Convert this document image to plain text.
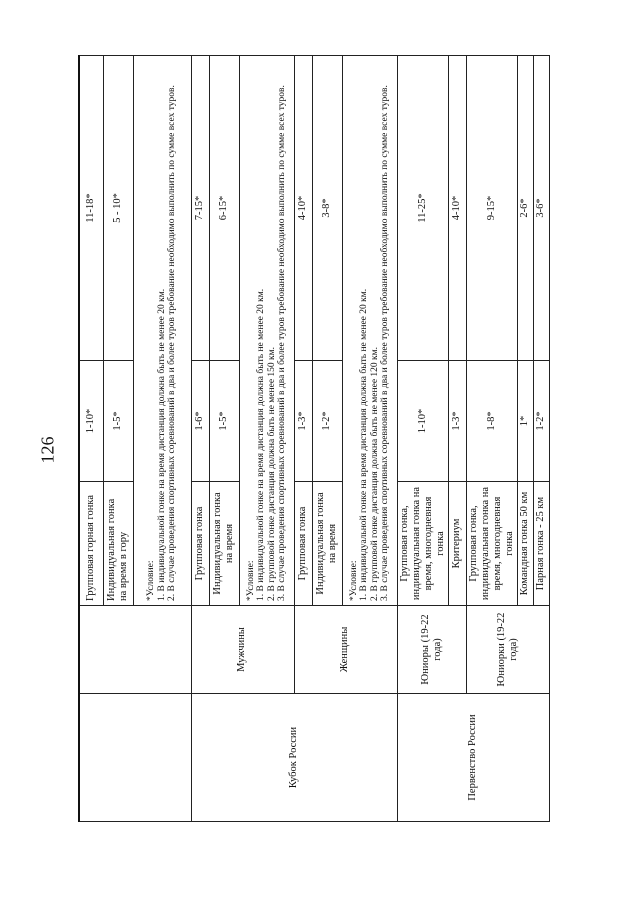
126
		Групповая горная гонка	1-10*	11-18*
		Индивидуальная гонка на время в гору	1-5*	5 - 10*

		*Условие: 1. В индивидуальной гонке на время дистанция должна быть не менее 20 км. 2. В случае проведения спортивных соревнований в два и более туров требование необходимо выполнить по сумме всех туров.		

Кубок России	Мужчины	Групповая гонка	1-6*	7-15*
		Индивидуальная гонка на время	1-5*	6-15*

		*Условие: 1. В индивидуальной гонке на время дистанция должна быть не менее 20 км. 2. В групповой гонке дистанция должна быть не менее 150 км. 3. В случае проведения спортивных соревнований в два и более туров требование необходимо выполнить по сумме всех туров.		

	Женщины	Групповая гонка	1-3*	4-10*
		Индивидуальная гонка на время	1-2*	3-8*

		*Условие: 1. В индивидуальной гонке на время дистанция должна быть не менее 20 км. 2. В групповой гонке дистанция должна быть не менее 120 км. 3. В случае проведения спортивных соревнований в два и более туров требование необходимо выполнить по сумме всех туров.		

Первенство России	Юниоры (19-22 года)	Групповая гонка, индивидуальная гонка на время, многодневная гонка	1-10*	11-25*
		Критериум	1-3*	4-10*
	Юниорки (19-22 года)	Групповая гонка, индивидуальная гонка на время, многодневная гонка	1-8*	9-15*
		Командная гонка 50 км	1*	2-6*
		Парная гонка - 25 км	1-2*	3-6*
